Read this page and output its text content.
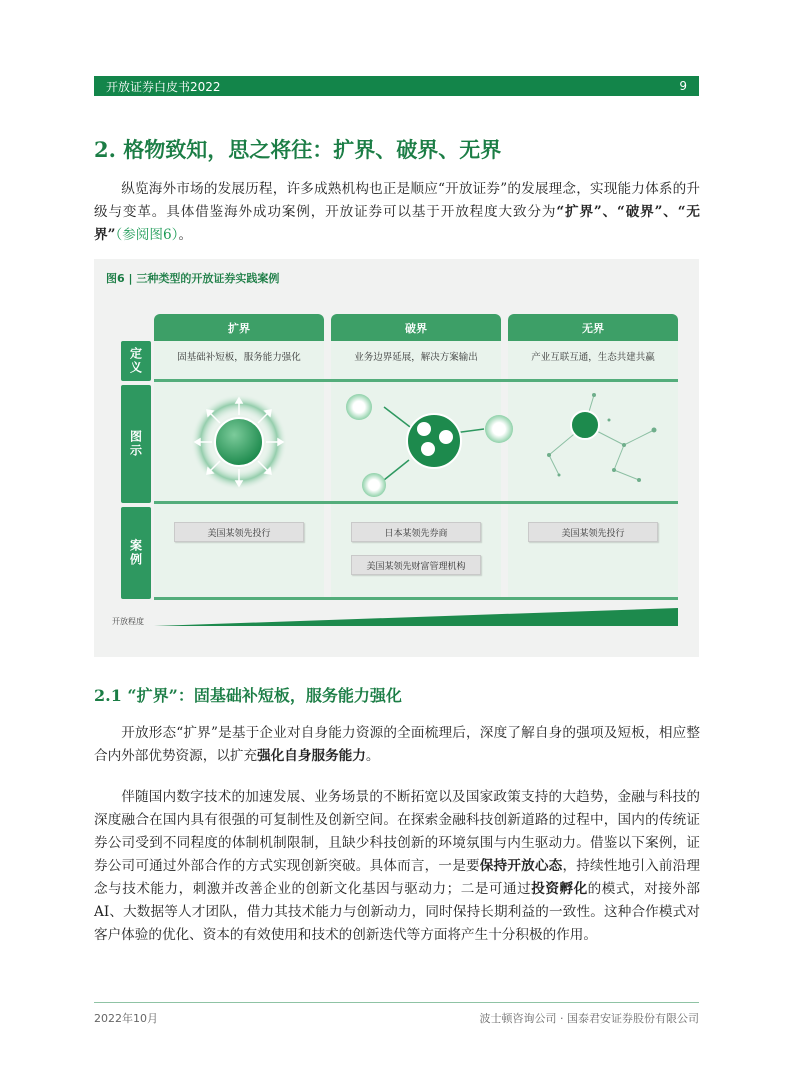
开放证券白皮书2022	9
2. 格物致知，思之将往：扩界、破界、无界
纵览海外市场的发展历程，许多成熟机构也正是顺应“开放证券”的发展理念，实现能力体系的升级与变革。具体借鉴海外成功案例，开放证券可以基于开放程度大致分为“扩界”、“破界”、“无界”（参阅图6）。
图6 | 三种类型的开放证券实践案例
定义
图示
案例
扩界
固基础补短板，服务能力强化
破界
业务边界延展，解决方案输出
无界
产业互联互通，生态共建共赢
美国某领先投行	日本某领先券商
美国某领先财富管理机构
美国某领先投行
开放程度
2.1 “扩界”：固基础补短板，服务能力强化
开放形态“扩界”是基于企业对自身能力资源的全面梳理后，深度了解自身的强项及短板，相应整合内外部优势资源，以扩充强化自身服务能力。
伴随国内数字技术的加速发展、业务场景的不断拓宽以及国家政策支持的大趋势，金融与科技的深度融合在国内具有很强的可复制性及创新空间。在探索金融科技创新道路的过程中，国内的传统证券公司受到不同程度的体制机制限制，且缺少科技创新的环境氛围与内生驱动力。借鉴以下案例，证券公司可通过外部合作的方式实现创新突破。具体而言，一是要保持开放心态，持续性地引入前沿理念与技术能力，刺激并改善企业的创新文化基因与驱动力；二是可通过投资孵化的模式，对接外部AI、大数据等人才团队，借力其技术能力与创新动力，同时保持长期利益的一致性。这种合作模式对客户体验的优化、资本的有效使用和技术的创新迭代等方面将产生十分积极的作用。
2022年10月	波士顿咨询公司 · 国泰君安证券股份有限公司
